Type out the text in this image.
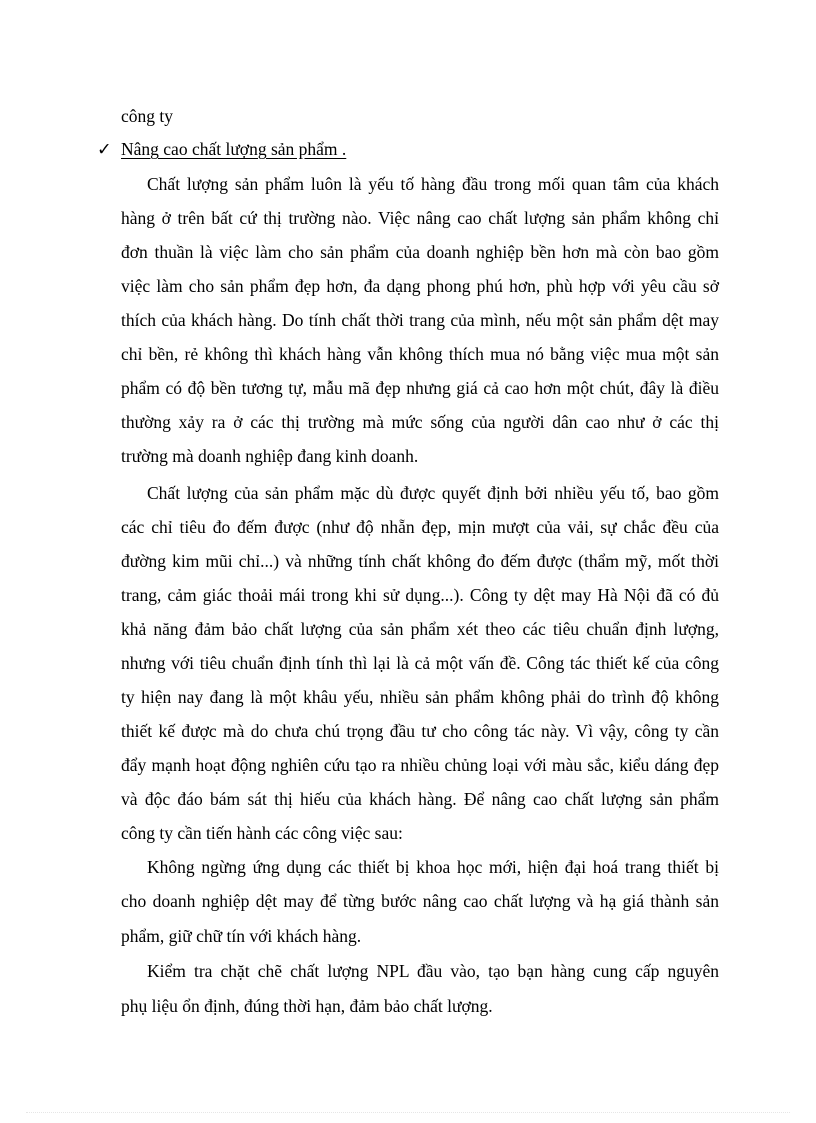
công ty
✓ Nâng cao chất lượng sản phẩm .
Chất lượng sản phẩm luôn là yếu tố hàng đầu trong mối quan tâm của khách
hàng ở trên bất cứ thị trường nào. Việc nâng cao chất lượng sản phẩm không chỉ
đơn thuần là việc làm cho sản phẩm của doanh nghiệp bền hơn mà còn bao gồm
việc làm cho sản phẩm đẹp hơn, đa dạng phong phú hơn, phù hợp với yêu cầu sở
thích của khách hàng. Do tính chất thời trang của mình, nếu một sản phẩm dệt may
chỉ bền, rẻ không thì khách hàng vẫn không thích mua nó bằng việc mua một sản
phẩm có độ bền tương tự, mẫu mã đẹp nhưng giá cả cao hơn một chút, đây là điều
thường xảy ra ở các thị trường mà mức sống của người dân cao như ở các thị
trường mà doanh nghiệp đang kinh doanh.
Chất lượng của sản phẩm mặc dù được quyết định bởi nhiều yếu tố, bao gồm
các chỉ tiêu đo đếm được (như độ nhẵn đẹp, mịn mượt của vải, sự chắc đều của
đường kim mũi chỉ...) và những tính chất không đo đếm được (thẩm mỹ, mốt thời
trang, cảm giác thoải mái trong khi sử dụng...). Công ty dệt may Hà Nội đã có đủ
khả năng đảm bảo chất lượng của sản phẩm xét theo các tiêu chuẩn định lượng,
nhưng với tiêu chuẩn định tính thì lại là cả một vấn đề. Công tác thiết kế của công
ty hiện nay đang là một khâu yếu, nhiều sản phẩm không phải do trình độ không
thiết kế được mà do chưa chú trọng đầu tư cho công tác này. Vì vậy, công ty cần
đẩy mạnh hoạt động nghiên cứu tạo ra nhiều chủng loại với màu sắc, kiểu dáng đẹp
và độc đáo bám sát thị hiếu của khách hàng. Để nâng cao chất lượng sản phẩm
công ty cần tiến hành các công việc sau:
Không ngừng ứng dụng các thiết bị khoa học mới, hiện đại hoá trang thiết bị
cho doanh nghiệp dệt may để từng bước nâng cao chất lượng và hạ giá thành sản
phẩm, giữ chữ tín với khách hàng.
Kiểm tra chặt chẽ chất lượng NPL đầu vào, tạo bạn hàng cung cấp nguyên
phụ liệu ổn định, đúng thời hạn, đảm bảo chất lượng.
